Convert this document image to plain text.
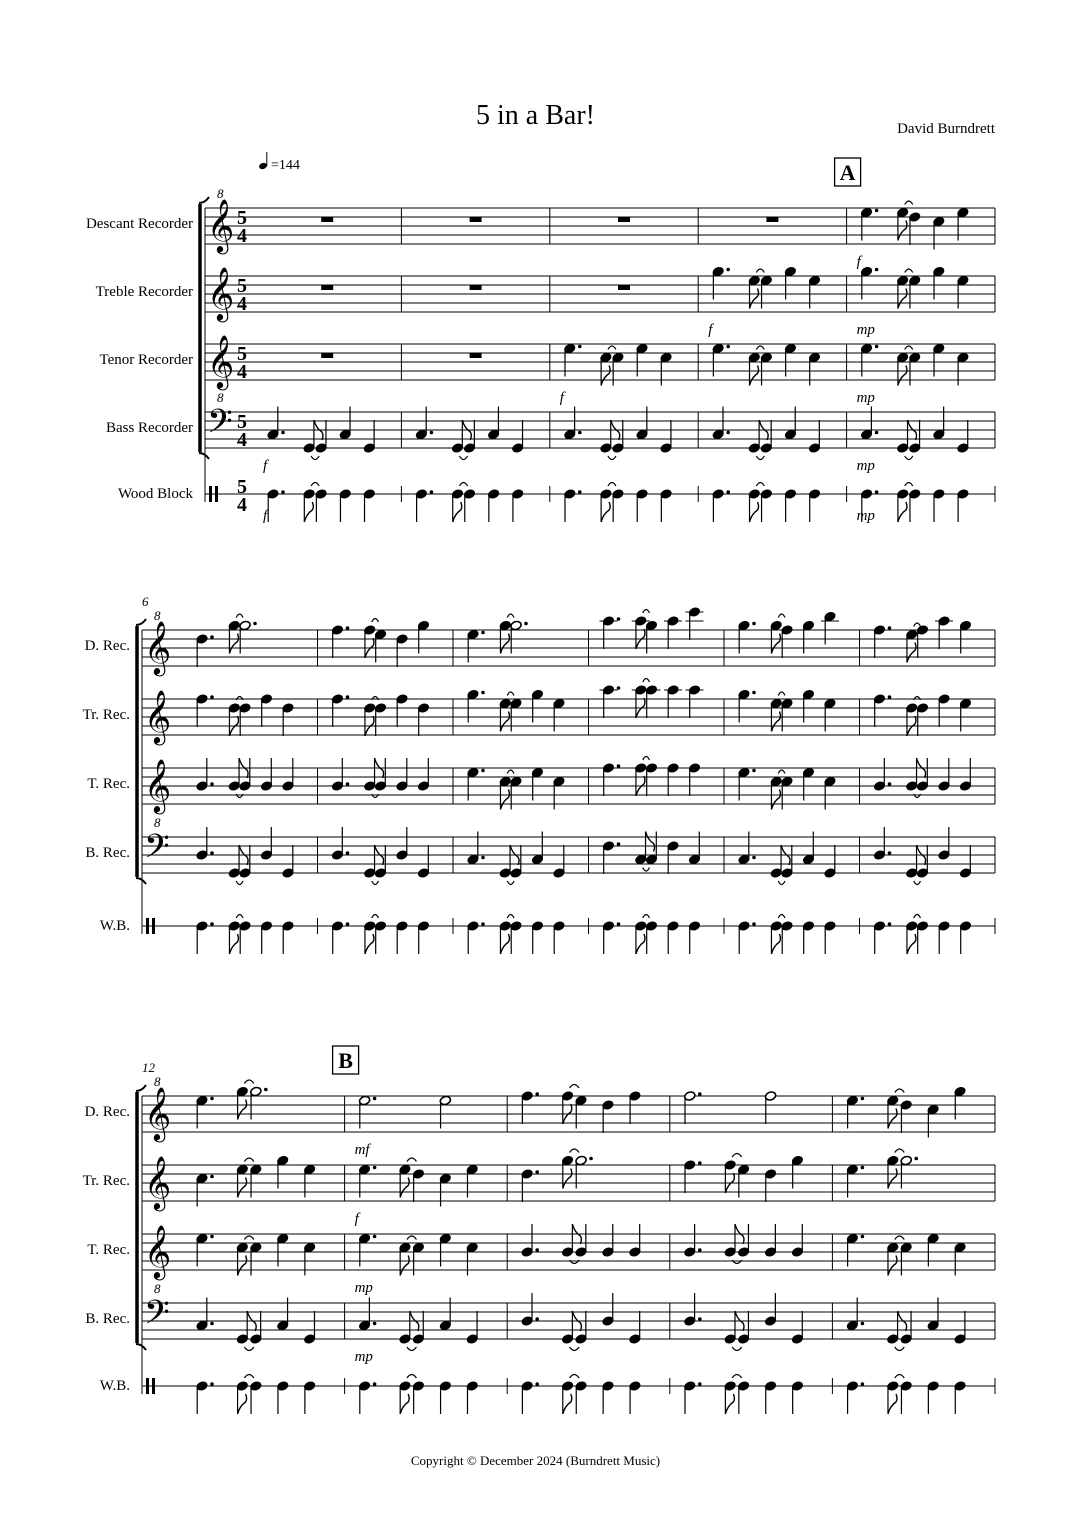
5 in a Bar!	David Burndrett
Descant Recorder 𝄞
8
5
4
f
Treble Recorder 𝄞 5
4
f	mp
Tenor Recorder 𝄞 5
4
f	mp
Bass Recorder 𝄢
8
5
4
f	mp
Wood Block 5
4 f	mp
A
D. Rec. 𝄞
8
Tr. Rec. 𝄞
T. Rec. 𝄞
B. Rec. 𝄢
8
W.B.
6
D. Rec. 𝄞
8
mf
Tr. Rec. 𝄞
f
T. Rec. 𝄞
mp
B. Rec. 𝄢
8
mp
W.B.
12	B
=144
Copyright © December 2024 (Burndrett Music)
